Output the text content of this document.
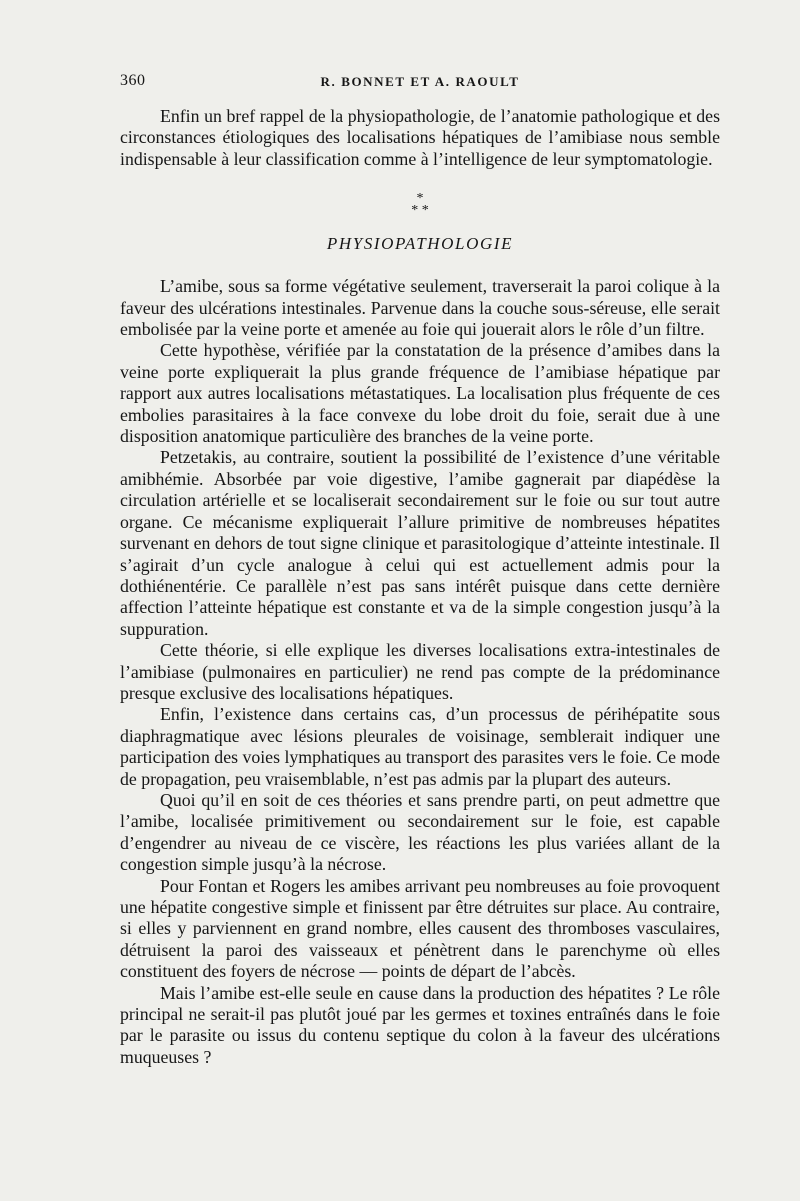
360	R. BONNET ET A. RAOULT

Enfin un bref rappel de la physiopathologie, de l’anatomie pathologique et des circonstances étiologiques des localisations hépatiques de l’amibiase nous semble indispensable à leur classification comme à l’intelligence de leur symptomatologie.

*
* *
PHYSIOPATHOLOGIE

L’amibe, sous sa forme végétative seulement, traverserait la paroi colique à la faveur des ulcérations intestinales. Parvenue dans la couche sous-séreuse, elle serait embolisée par la veine porte et amenée au foie qui jouerait alors le rôle d’un filtre.

Cette hypothèse, vérifiée par la constatation de la présence d’amibes dans la veine porte expliquerait la plus grande fréquence de l’amibiase hépatique par rapport aux autres localisations métastatiques. La localisation plus fréquente de ces embolies parasitaires à la face convexe du lobe droit du foie, serait due à une disposition anatomique particulière des branches de la veine porte.

Petzetakis, au contraire, soutient la possibilité de l’existence d’une véritable amibhémie. Absorbée par voie digestive, l’amibe gagnerait par diapédèse la circulation artérielle et se localiserait secondairement sur le foie ou sur tout autre organe. Ce mécanisme expliquerait l’allure primitive de nombreuses hépatites survenant en dehors de tout signe clinique et parasitologique d’atteinte intestinale. Il s’agirait d’un cycle analogue à celui qui est actuellement admis pour la dothiénentérie. Ce parallèle n’est pas sans intérêt puisque dans cette dernière affection l’atteinte hépatique est constante et va de la simple congestion jusqu’à la suppuration.

Cette théorie, si elle explique les diverses localisations extra-intestinales de l’amibiase (pulmonaires en particulier) ne rend pas compte de la prédominance presque exclusive des localisations hépatiques.

Enfin, l’existence dans certains cas, d’un processus de périhépatite sous diaphragmatique avec lésions pleurales de voisinage, semblerait indiquer une participation des voies lymphatiques au transport des parasites vers le foie. Ce mode de propagation, peu vraisemblable, n’est pas admis par la plupart des auteurs.

Quoi qu’il en soit de ces théories et sans prendre parti, on peut admettre que l’amibe, localisée primitivement ou secondairement sur le foie, est capable d’engendrer au niveau de ce viscère, les réactions les plus variées allant de la congestion simple jusqu’à la nécrose.

Pour Fontan et Rogers les amibes arrivant peu nombreuses au foie provoquent une hépatite congestive simple et finissent par être détruites sur place. Au contraire, si elles y parviennent en grand nombre, elles causent des thromboses vasculaires, détruisent la paroi des vaisseaux et pénètrent dans le parenchyme où elles constituent des foyers de nécrose — points de départ de l’abcès.

Mais l’amibe est-elle seule en cause dans la production des hépatites ? Le rôle principal ne serait-il pas plutôt joué par les germes et toxines entraînés dans le foie par le parasite ou issus du contenu septique du colon à la faveur des ulcérations muqueuses ?
